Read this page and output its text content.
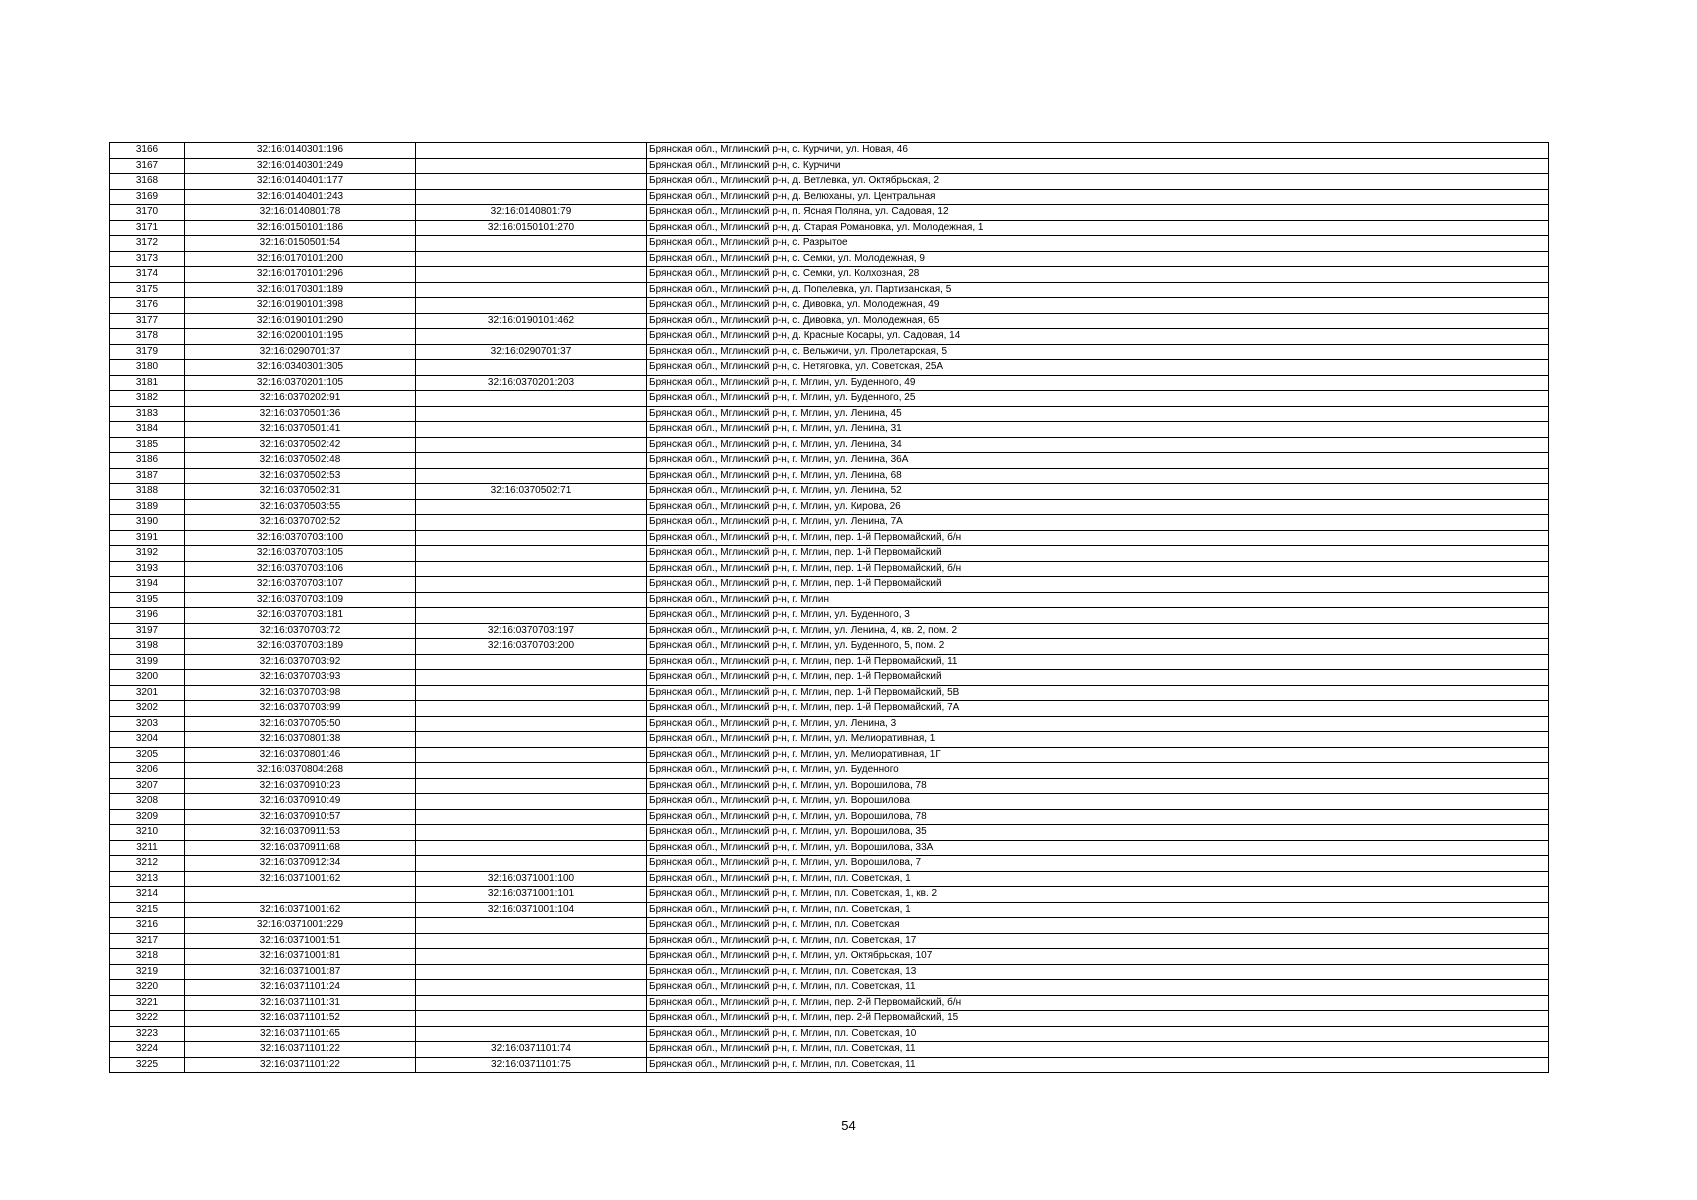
3166	32:16:0140301:196		Брянская обл., Мглинский р-н, с. Курчичи, ул. Новая, 46
3167	32:16:0140301:249		Брянская обл., Мглинский р-н, с. Курчичи
3168	32:16:0140401:177		Брянская обл., Мглинский р-н, д. Ветлевка, ул. Октябрьская, 2
3169	32:16:0140401:243		Брянская обл., Мглинский р-н, д. Велюханы, ул. Центральная
3170	32:16:0140801:78	32:16:0140801:79	Брянская обл., Мглинский р-н, п. Ясная Поляна, ул. Садовая, 12
3171	32:16:0150101:186	32:16:0150101:270	Брянская обл., Мглинский р-н, д. Старая Романовка, ул. Молодежная, 1
3172	32:16:0150501:54		Брянская обл., Мглинский р-н, с. Разрытое
3173	32:16:0170101:200		Брянская обл., Мглинский р-н, с. Семки, ул. Молодежная, 9
3174	32:16:0170101:296		Брянская обл., Мглинский р-н, с. Семки, ул. Колхозная, 28
3175	32:16:0170301:189		Брянская обл., Мглинский р-н, д. Попелевка, ул. Партизанская, 5
3176	32:16:0190101:398		Брянская обл., Мглинский р-н, с. Дивовка, ул. Молодежная, 49
3177	32:16:0190101:290	32:16:0190101:462	Брянская обл., Мглинский р-н, с. Дивовка, ул. Молодежная, 65
3178	32:16:0200101:195		Брянская обл., Мглинский р-н, д. Красные Косары, ул. Садовая, 14
3179	32:16:0290701:37	32:16:0290701:37	Брянская обл., Мглинский р-н, с. Вельжичи, ул. Пролетарская, 5
3180	32:16:0340301:305		Брянская обл., Мглинский р-н, с. Нетяговка, ул. Советская, 25А
3181	32:16:0370201:105	32:16:0370201:203	Брянская обл., Мглинский р-н, г. Мглин, ул. Буденного, 49
3182	32:16:0370202:91		Брянская обл., Мглинский р-н, г. Мглин, ул. Буденного, 25
3183	32:16:0370501:36		Брянская обл., Мглинский р-н, г. Мглин, ул. Ленина, 45
3184	32:16:0370501:41		Брянская обл., Мглинский р-н, г. Мглин, ул. Ленина, 31
3185	32:16:0370502:42		Брянская обл., Мглинский р-н, г. Мглин, ул. Ленина, 34
3186	32:16:0370502:48		Брянская обл., Мглинский р-н, г. Мглин, ул. Ленина, 36А
3187	32:16:0370502:53		Брянская обл., Мглинский р-н, г. Мглин, ул. Ленина, 68
3188	32:16:0370502:31	32:16:0370502:71	Брянская обл., Мглинский р-н, г. Мглин, ул. Ленина, 52
3189	32:16:0370503:55		Брянская обл., Мглинский р-н, г. Мглин, ул. Кирова, 26
3190	32:16:0370702:52		Брянская обл., Мглинский р-н, г. Мглин, ул. Ленина, 7А
3191	32:16:0370703:100		Брянская обл., Мглинский р-н, г. Мглин, пер. 1-й Первомайский, б/н
3192	32:16:0370703:105		Брянская обл., Мглинский р-н, г. Мглин, пер. 1-й Первомайский
3193	32:16:0370703:106		Брянская обл., Мглинский р-н, г. Мглин, пер. 1-й Первомайский, б/н
3194	32:16:0370703:107		Брянская обл., Мглинский р-н, г. Мглин, пер. 1-й Первомайский
3195	32:16:0370703:109		Брянская обл., Мглинский р-н, г. Мглин
3196	32:16:0370703:181		Брянская обл., Мглинский р-н, г. Мглин, ул. Буденного, 3
3197	32:16:0370703:72	32:16:0370703:197	Брянская обл., Мглинский р-н, г. Мглин, ул. Ленина, 4, кв. 2, пом. 2
3198	32:16:0370703:189	32:16:0370703:200	Брянская обл., Мглинский р-н, г. Мглин, ул. Буденного, 5, пом. 2
3199	32:16:0370703:92		Брянская обл., Мглинский р-н, г. Мглин, пер. 1-й Первомайский, 11
3200	32:16:0370703:93		Брянская обл., Мглинский р-н, г. Мглин, пер. 1-й Первомайский
3201	32:16:0370703:98		Брянская обл., Мглинский р-н, г. Мглин, пер. 1-й Первомайский, 5В
3202	32:16:0370703:99		Брянская обл., Мглинский р-н, г. Мглин, пер. 1-й Первомайский, 7А
3203	32:16:0370705:50		Брянская обл., Мглинский р-н, г. Мглин, ул. Ленина, 3
3204	32:16:0370801:38		Брянская обл., Мглинский р-н, г. Мглин, ул. Мелиоративная, 1
3205	32:16:0370801:46		Брянская обл., Мглинский р-н, г. Мглин, ул. Мелиоративная, 1Г
3206	32:16:0370804:268		Брянская обл., Мглинский р-н, г. Мглин, ул. Буденного
3207	32:16:0370910:23		Брянская обл., Мглинский р-н, г. Мглин, ул. Ворошилова, 78
3208	32:16:0370910:49		Брянская обл., Мглинский р-н, г. Мглин, ул. Ворошилова
3209	32:16:0370910:57		Брянская обл., Мглинский р-н, г. Мглин, ул. Ворошилова, 78
3210	32:16:0370911:53		Брянская обл., Мглинский р-н, г. Мглин, ул. Ворошилова, 35
3211	32:16:0370911:68		Брянская обл., Мглинский р-н, г. Мглин, ул. Ворошилова, 33А
3212	32:16:0370912:34		Брянская обл., Мглинский р-н, г. Мглин, ул. Ворошилова, 7
3213	32:16:0371001:62	32:16:0371001:100	Брянская обл., Мглинский р-н, г. Мглин, пл. Советская, 1
3214		32:16:0371001:101	Брянская обл., Мглинский р-н, г. Мглин, пл. Советская, 1, кв. 2
3215	32:16:0371001:62	32:16:0371001:104	Брянская обл., Мглинский р-н, г. Мглин, пл. Советская, 1
3216	32:16:0371001:229		Брянская обл., Мглинский р-н, г. Мглин, пл. Советская
3217	32:16:0371001:51		Брянская обл., Мглинский р-н, г. Мглин, пл. Советская, 17
3218	32:16:0371001:81		Брянская обл., Мглинский р-н, г. Мглин, ул. Октябрьская, 107
3219	32:16:0371001:87		Брянская обл., Мглинский р-н, г. Мглин, пл. Советская, 13
3220	32:16:0371101:24		Брянская обл., Мглинский р-н, г. Мглин, пл. Советская, 11
3221	32:16:0371101:31		Брянская обл., Мглинский р-н, г. Мглин, пер. 2-й Первомайский, б/н
3222	32:16:0371101:52		Брянская обл., Мглинский р-н, г. Мглин, пер. 2-й Первомайский, 15
3223	32:16:0371101:65		Брянская обл., Мглинский р-н, г. Мглин, пл. Советская, 10
3224	32:16:0371101:22	32:16:0371101:74	Брянская обл., Мглинский р-н, г. Мглин, пл. Советская, 11
3225	32:16:0371101:22	32:16:0371101:75	Брянская обл., Мглинский р-н, г. Мглин, пл. Советская, 11
54
